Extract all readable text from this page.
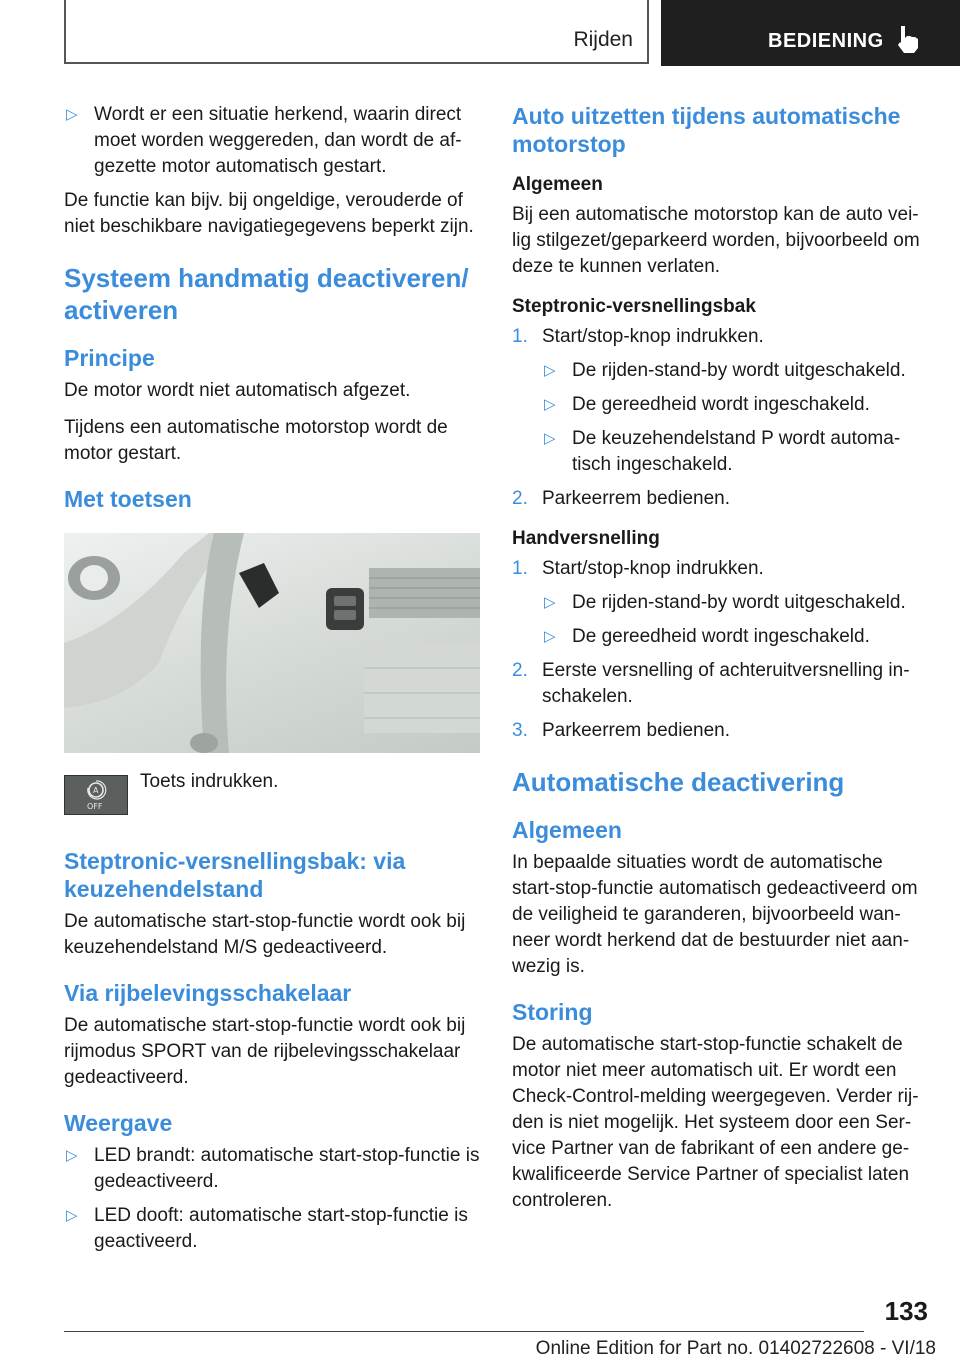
Rijden	BEDIENING
▷ Wordt er een situatie herkend, waarin direct moet worden weggereden, dan wordt de afgezette motor automatisch gestart.

De functie kan bijv. bij ongeldige, verouderde of niet beschikbare navigatiegegevens beperkt zijn.

Systeem handmatig deactiveren/ activeren
Principe

De motor wordt niet automatisch afgezet.

Tijdens een automatische motorstop wordt de motor gestart.

Met toetsen
A
OFF
Toets indrukken.
Steptronic-versnellingsbak: via keuzehendelstand

De automatische start-stop-functie wordt ook bij keuzehendelstand M/S gedeactiveerd.

Via rijbelevingsschakelaar

De automatische start-stop-functie wordt ook bij rijmodus SPORT van de rijbelevingsschakelaar gedeactiveerd.

Weergave
▷ LED brandt: automatische start-stop-functie is gedeactiveerd.
▷ LED dooft: automatische start-stop-functie is geactiveerd.
Auto uitzetten tijdens automatische motorstop
Algemeen

Bij een automatische motorstop kan de auto veilig stilgezet/geparkeerd worden, bijvoorbeeld om deze te kunnen verlaten.

Steptronic-versnellingsbak
1. Start/stop-knop indrukken.
▷ De rijden-stand-by wordt uitgeschakeld.
▷ De gereedheid wordt ingeschakeld.
▷ De keuzehendelstand P wordt automatisch ingeschakeld.
2. Parkeerrem bedienen.
Handversnelling
1. Start/stop-knop indrukken.
▷ De rijden-stand-by wordt uitgeschakeld.
▷ De gereedheid wordt ingeschakeld.
2. Eerste versnelling of achteruitversnelling inschakelen.
3. Parkeerrem bedienen.
Automatische deactivering
Algemeen

In bepaalde situaties wordt de automatische start-stop-functie automatisch gedeactiveerd om de veiligheid te garanderen, bijvoorbeeld wanneer wordt herkend dat de bestuurder niet aanwezig is.

Storing

De automatische start-stop-functie schakelt de motor niet meer automatisch uit. Er wordt een Check-Control-melding weergegeven. Verder rijden is niet mogelijk. Het systeem door een Service Partner van de fabrikant of een andere gekwalificeerde Service Partner of specialist laten controleren.

133
Online Edition for Part no. 01402722608 - VI/18
